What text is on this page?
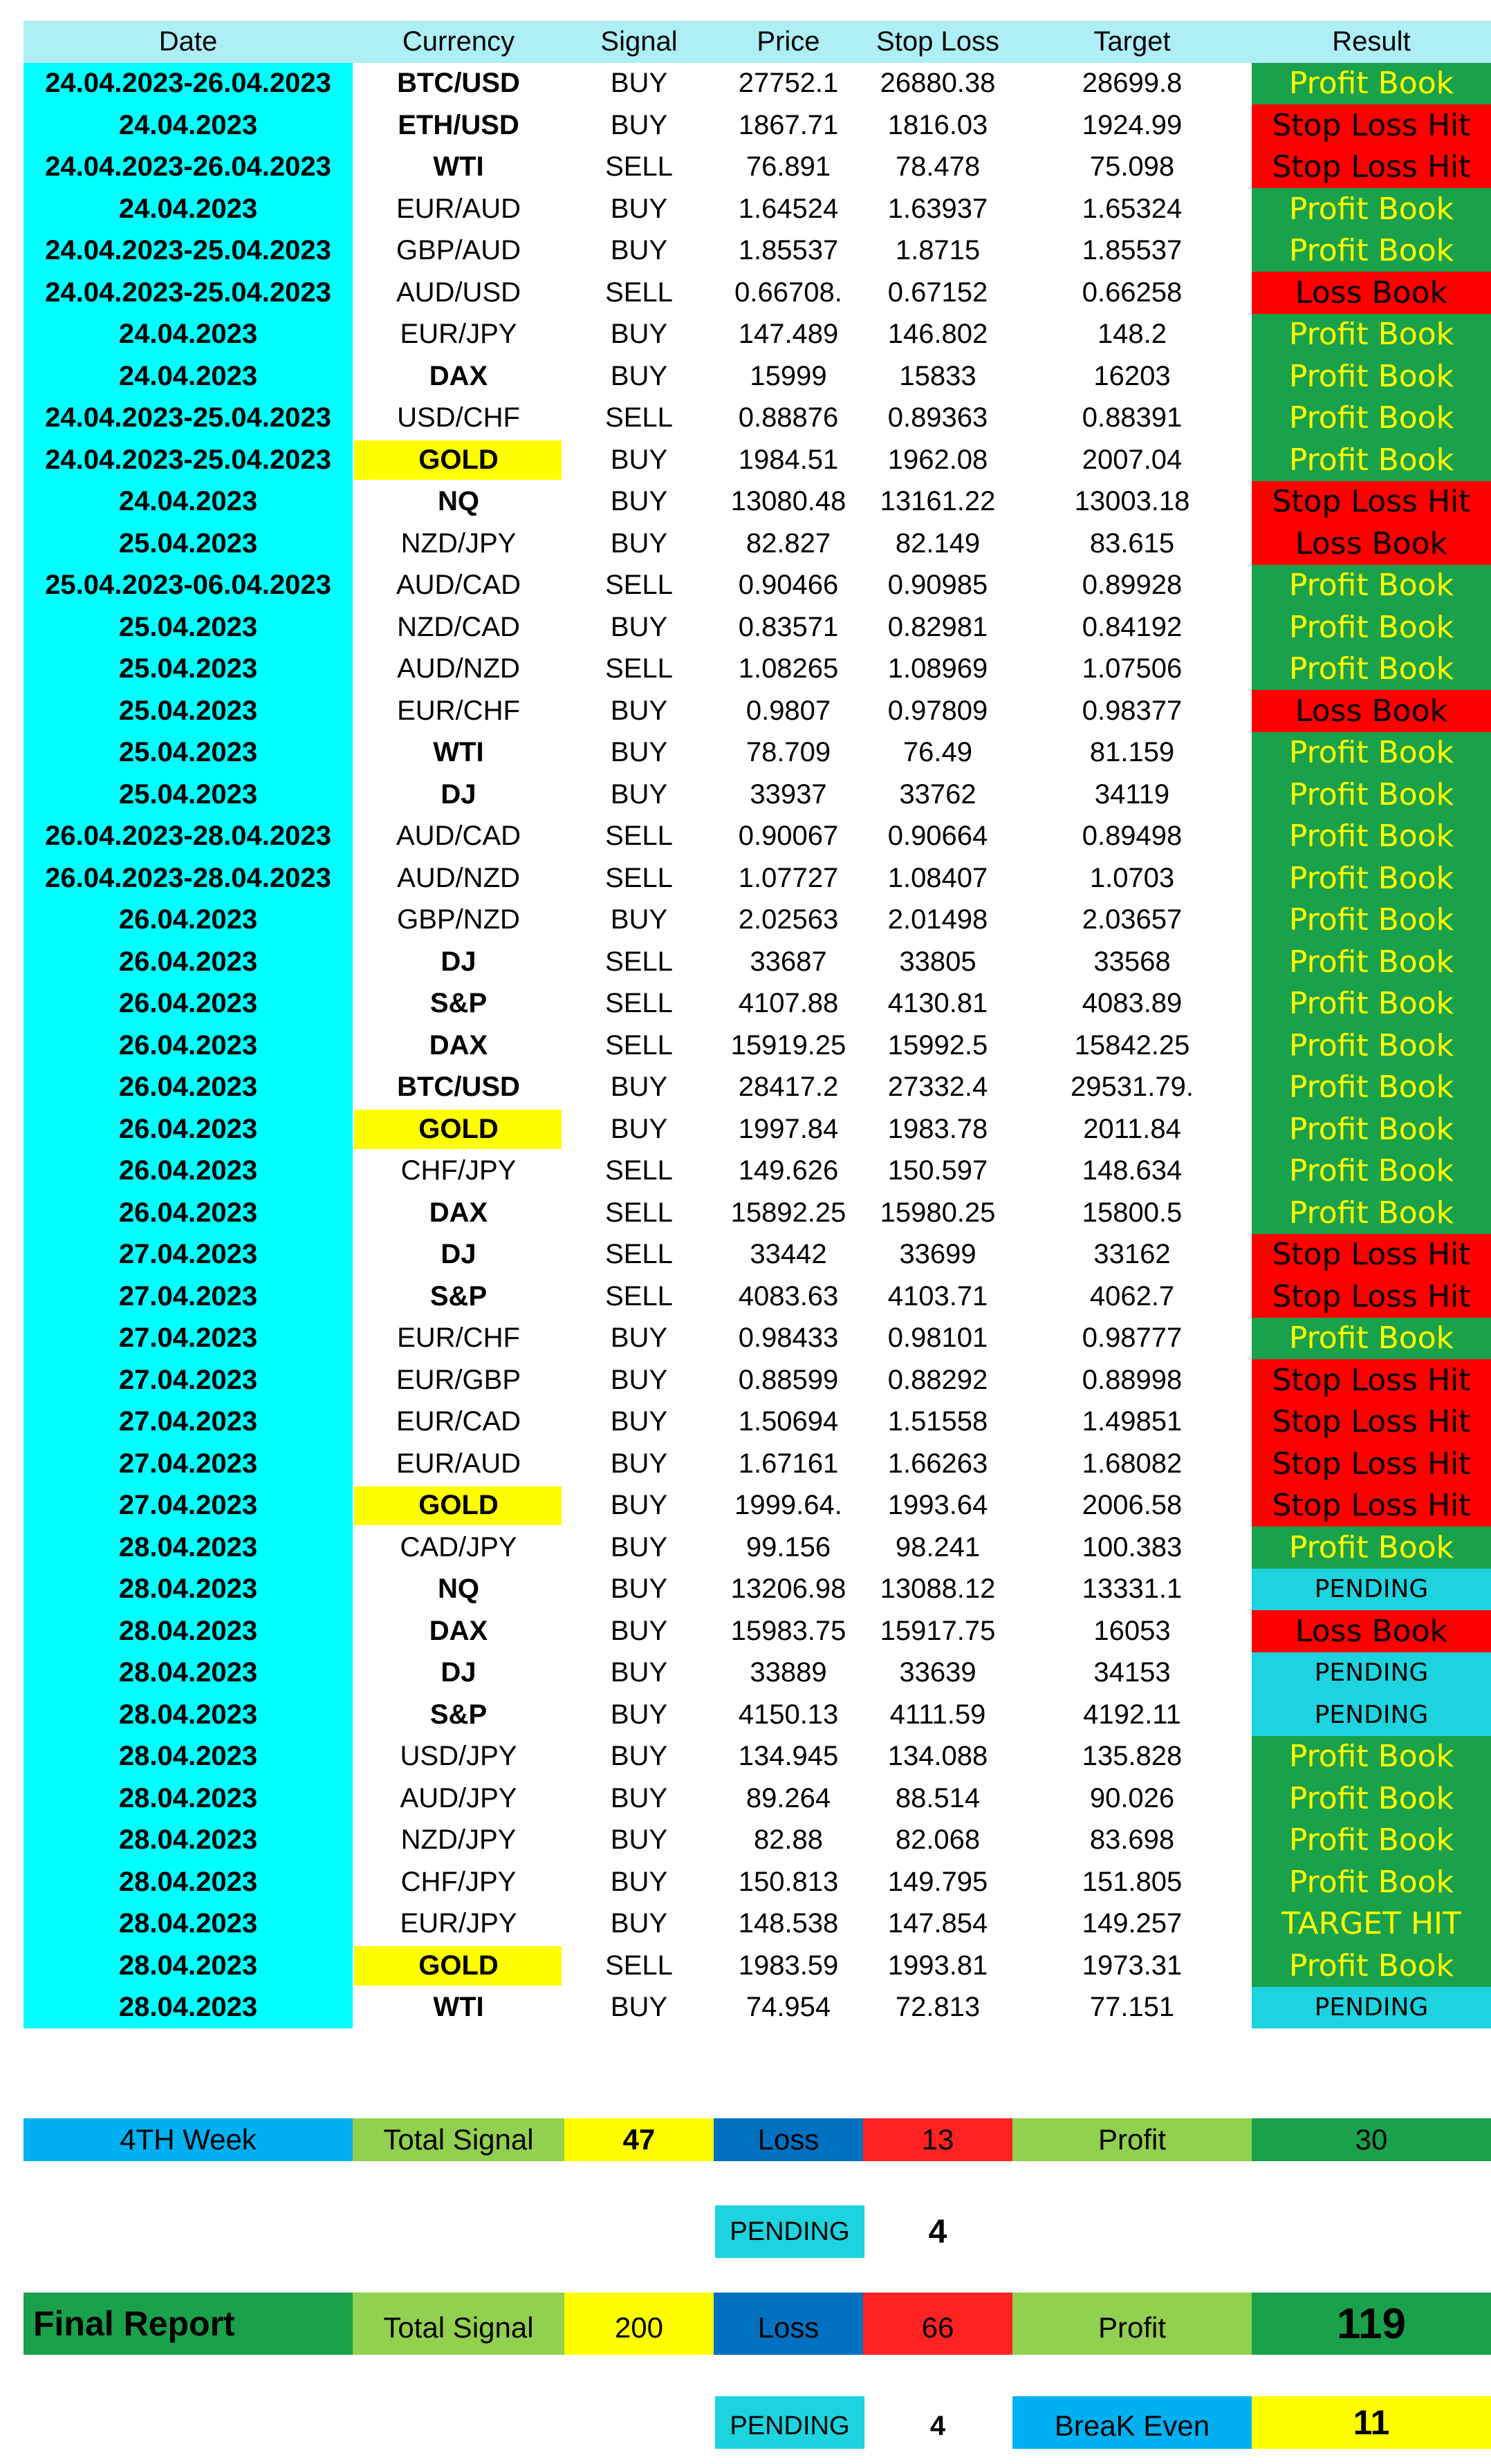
Date	Currency	Signal	Price	Stop Loss	Target	Result
24.04.2023-26.04.2023	BTC/USD	BUY	27752.1	26880.38	28699.8	Profit Book
24.04.2023	ETH/USD	BUY	1867.71	1816.03	1924.99	Stop Loss Hit
24.04.2023-26.04.2023	WTI	SELL	76.891	78.478	75.098	Stop Loss Hit
24.04.2023	EUR/AUD	BUY	1.64524	1.63937	1.65324	Profit Book
24.04.2023-25.04.2023	GBP/AUD	BUY	1.85537	1.8715	1.85537	Profit Book
24.04.2023-25.04.2023	AUD/USD	SELL	0.66708.	0.67152	0.66258	Loss Book
24.04.2023	EUR/JPY	BUY	147.489	146.802	148.2	Profit Book
24.04.2023	DAX	BUY	15999	15833	16203	Profit Book
24.04.2023-25.04.2023	USD/CHF	SELL	0.88876	0.89363	0.88391	Profit Book
24.04.2023-25.04.2023	GOLD	BUY	1984.51	1962.08	2007.04	Profit Book
24.04.2023	NQ	BUY	13080.48	13161.22	13003.18	Stop Loss Hit
25.04.2023	NZD/JPY	BUY	82.827	82.149	83.615	Loss Book
25.04.2023-06.04.2023	AUD/CAD	SELL	0.90466	0.90985	0.89928	Profit Book
25.04.2023	NZD/CAD	BUY	0.83571	0.82981	0.84192	Profit Book
25.04.2023	AUD/NZD	SELL	1.08265	1.08969	1.07506	Profit Book
25.04.2023	EUR/CHF	BUY	0.9807	0.97809	0.98377	Loss Book
25.04.2023	WTI	BUY	78.709	76.49	81.159	Profit Book
25.04.2023	DJ	BUY	33937	33762	34119	Profit Book
26.04.2023-28.04.2023	AUD/CAD	SELL	0.90067	0.90664	0.89498	Profit Book
26.04.2023-28.04.2023	AUD/NZD	SELL	1.07727	1.08407	1.0703	Profit Book
26.04.2023	GBP/NZD	BUY	2.02563	2.01498	2.03657	Profit Book
26.04.2023	DJ	SELL	33687	33805	33568	Profit Book
26.04.2023	S&P	SELL	4107.88	4130.81	4083.89	Profit Book
26.04.2023	DAX	SELL	15919.25	15992.5	15842.25	Profit Book
26.04.2023	BTC/USD	BUY	28417.2	27332.4	29531.79.	Profit Book
26.04.2023	GOLD	BUY	1997.84	1983.78	2011.84	Profit Book
26.04.2023	CHF/JPY	SELL	149.626	150.597	148.634	Profit Book
26.04.2023	DAX	SELL	15892.25	15980.25	15800.5	Profit Book
27.04.2023	DJ	SELL	33442	33699	33162	Stop Loss Hit
27.04.2023	S&P	SELL	4083.63	4103.71	4062.7	Stop Loss Hit
27.04.2023	EUR/CHF	BUY	0.98433	0.98101	0.98777	Profit Book
27.04.2023	EUR/GBP	BUY	0.88599	0.88292	0.88998	Stop Loss Hit
27.04.2023	EUR/CAD	BUY	1.50694	1.51558	1.49851	Stop Loss Hit
27.04.2023	EUR/AUD	BUY	1.67161	1.66263	1.68082	Stop Loss Hit
27.04.2023	GOLD	BUY	1999.64.	1993.64	2006.58	Stop Loss Hit
28.04.2023	CAD/JPY	BUY	99.156	98.241	100.383	Profit Book
28.04.2023	NQ	BUY	13206.98	13088.12	13331.1	PENDING
28.04.2023	DAX	BUY	15983.75	15917.75	16053	Loss Book
28.04.2023	DJ	BUY	33889	33639	34153	PENDING
28.04.2023	S&P	BUY	4150.13	4111.59	4192.11	PENDING
28.04.2023	USD/JPY	BUY	134.945	134.088	135.828	Profit Book
28.04.2023	AUD/JPY	BUY	89.264	88.514	90.026	Profit Book
28.04.2023	NZD/JPY	BUY	82.88	82.068	83.698	Profit Book
28.04.2023	CHF/JPY	BUY	150.813	149.795	151.805	Profit Book
28.04.2023	EUR/JPY	BUY	148.538	147.854	149.257	TARGET HIT
28.04.2023	GOLD	SELL	1983.59	1993.81	1973.31	Profit Book
28.04.2023	WTI	BUY	74.954	72.813	77.151	PENDING
4TH Week	Total Signal	47	Loss	13	Profit	30
PENDING	4
Final Report	Total Signal	200	Loss	66	Profit	119
PENDING	4	BreaK Even	11
